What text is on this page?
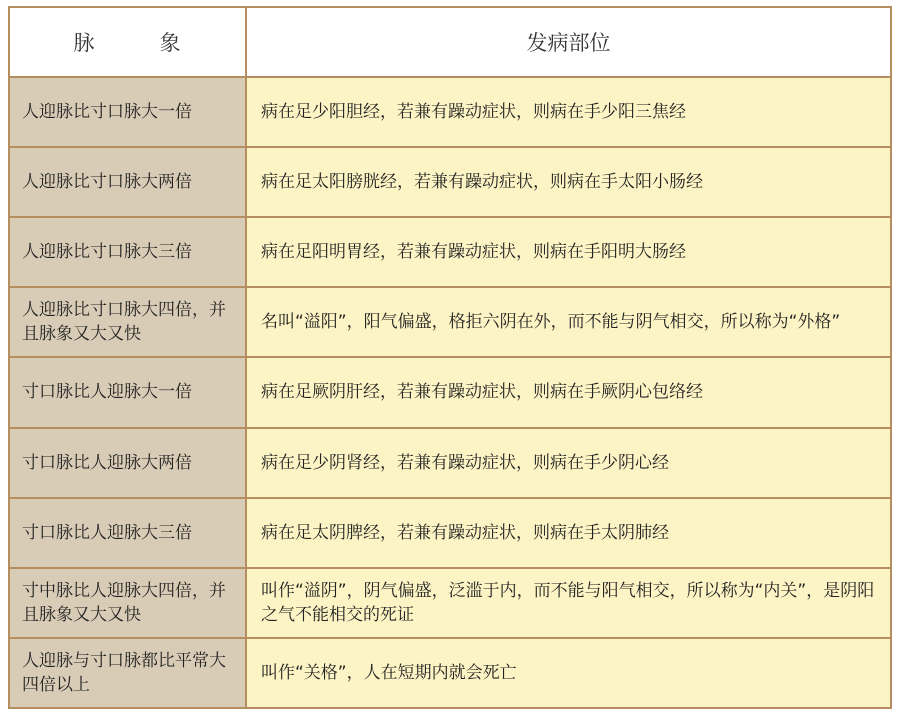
脉　象	发病部位
人迎脉比寸口脉大一倍	病在足少阳胆经，若兼有躁动症状，则病在手少阳三焦经
人迎脉比寸口脉大两倍	病在足太阳膀胱经，若兼有躁动症状，则病在手太阳小肠经
人迎脉比寸口脉大三倍	病在足阳明胃经，若兼有躁动症状，则病在手阳明大肠经
人迎脉比寸口脉大四倍，并且脉象又大又快	名叫“溢阳”，阳气偏盛，格拒六阴在外，而不能与阴气相交，所以称为“外格”
寸口脉比人迎脉大一倍	病在足厥阴肝经，若兼有躁动症状，则病在手厥阴心包络经
寸口脉比人迎脉大两倍	病在足少阴肾经，若兼有躁动症状，则病在手少阴心经
寸口脉比人迎脉大三倍	病在足太阴脾经，若兼有躁动症状，则病在手太阴肺经
寸中脉比人迎脉大四倍，并且脉象又大又快	叫作“溢阴”，阴气偏盛，泛滥于内，而不能与阳气相交，所以称为“内关”，是阴阳之气不能相交的死证
人迎脉与寸口脉都比平常大四倍以上	叫作“关格”，人在短期内就会死亡
